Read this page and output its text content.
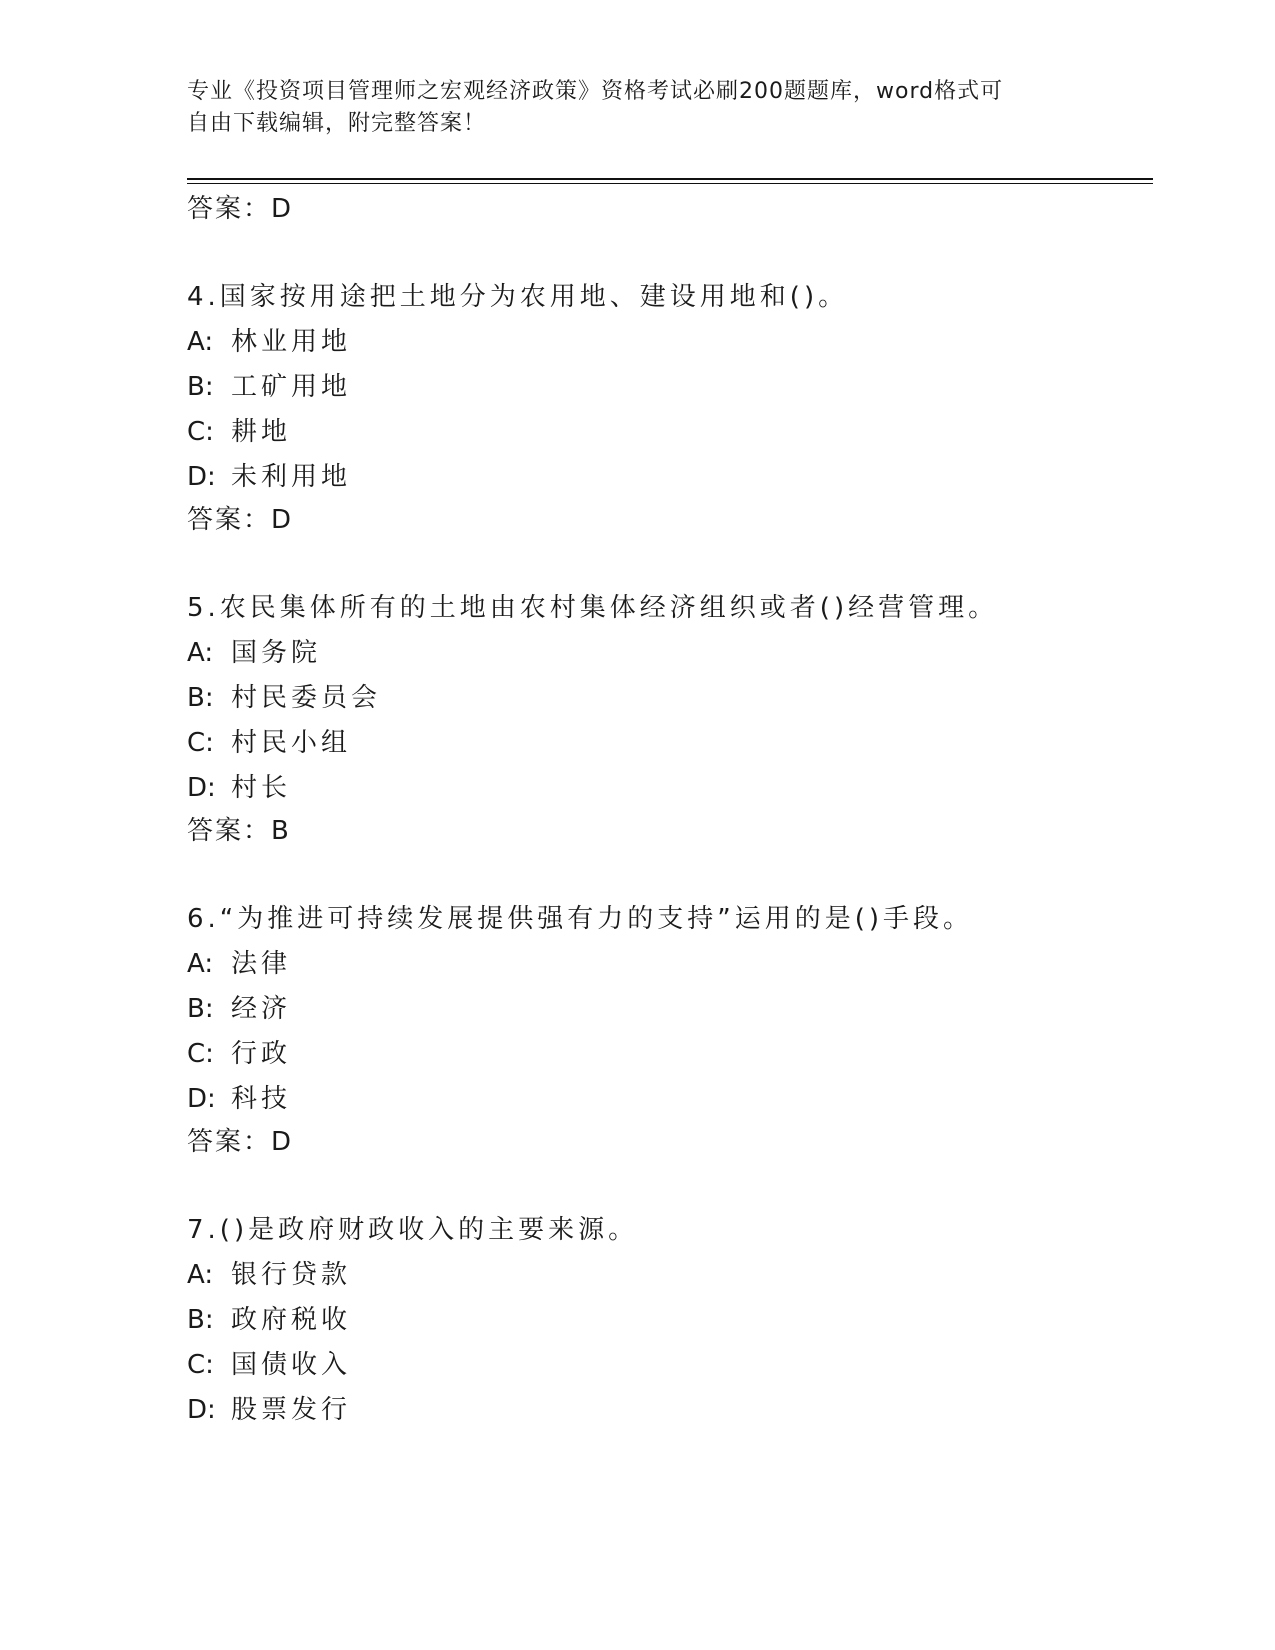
专业《投资项目管理师之宏观经济政策》资格考试必刷200题题库，word格式可
自由下载编辑，附完整答案！
答案：D
4.国家按用途把土地分为农用地、建设用地和()。
A: 林业用地
B: 工矿用地
C: 耕地
D: 未利用地
答案：D
5.农民集体所有的土地由农村集体经济组织或者()经营管理。
A: 国务院
B: 村民委员会
C: 村民小组
D: 村长
答案：B
6.“为推进可持续发展提供强有力的支持”运用的是()手段。
A: 法律
B: 经济
C: 行政
D: 科技
答案：D
7.()是政府财政收入的主要来源。
A: 银行贷款
B: 政府税收
C: 国债收入
D: 股票发行
